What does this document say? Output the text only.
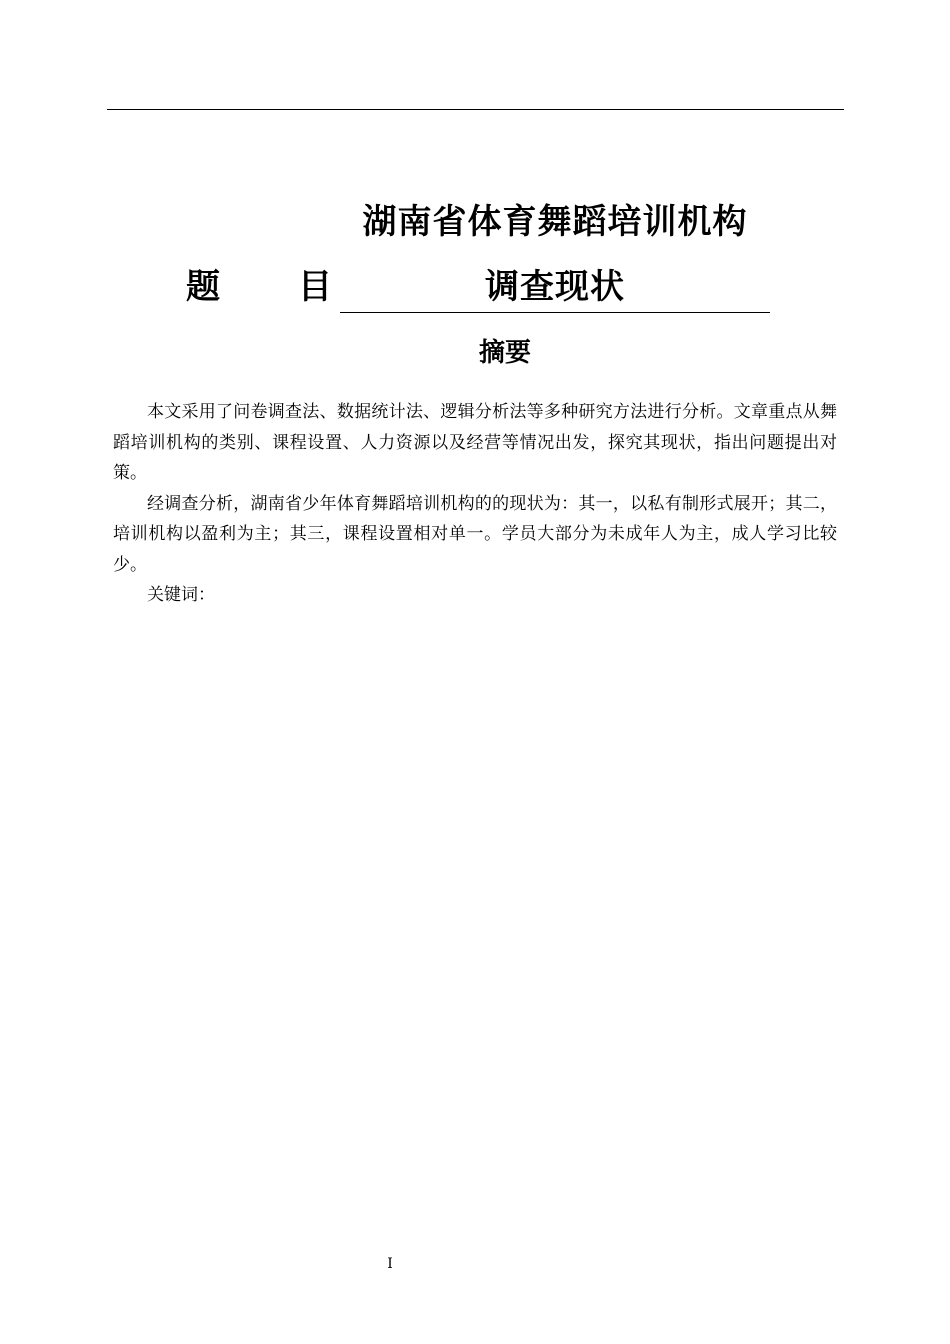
湖南省体育舞蹈培训机构
题 目	调查现状
摘要

本文采用了问卷调查法、数据统计法、逻辑分析法等多种研究方法进行分析。文章重点从舞蹈培训机构的类别、课程设置、人力资源以及经营等情况出发，探究其现状，指出问题提出对策。

经调查分析，湖南省少年体育舞蹈培训机构的的现状为：其一，以私有制形式展开；其二，培训机构以盈利为主；其三，课程设置相对单一。学员大部分为未成年人为主，成人学习比较少。

关键词：

I
